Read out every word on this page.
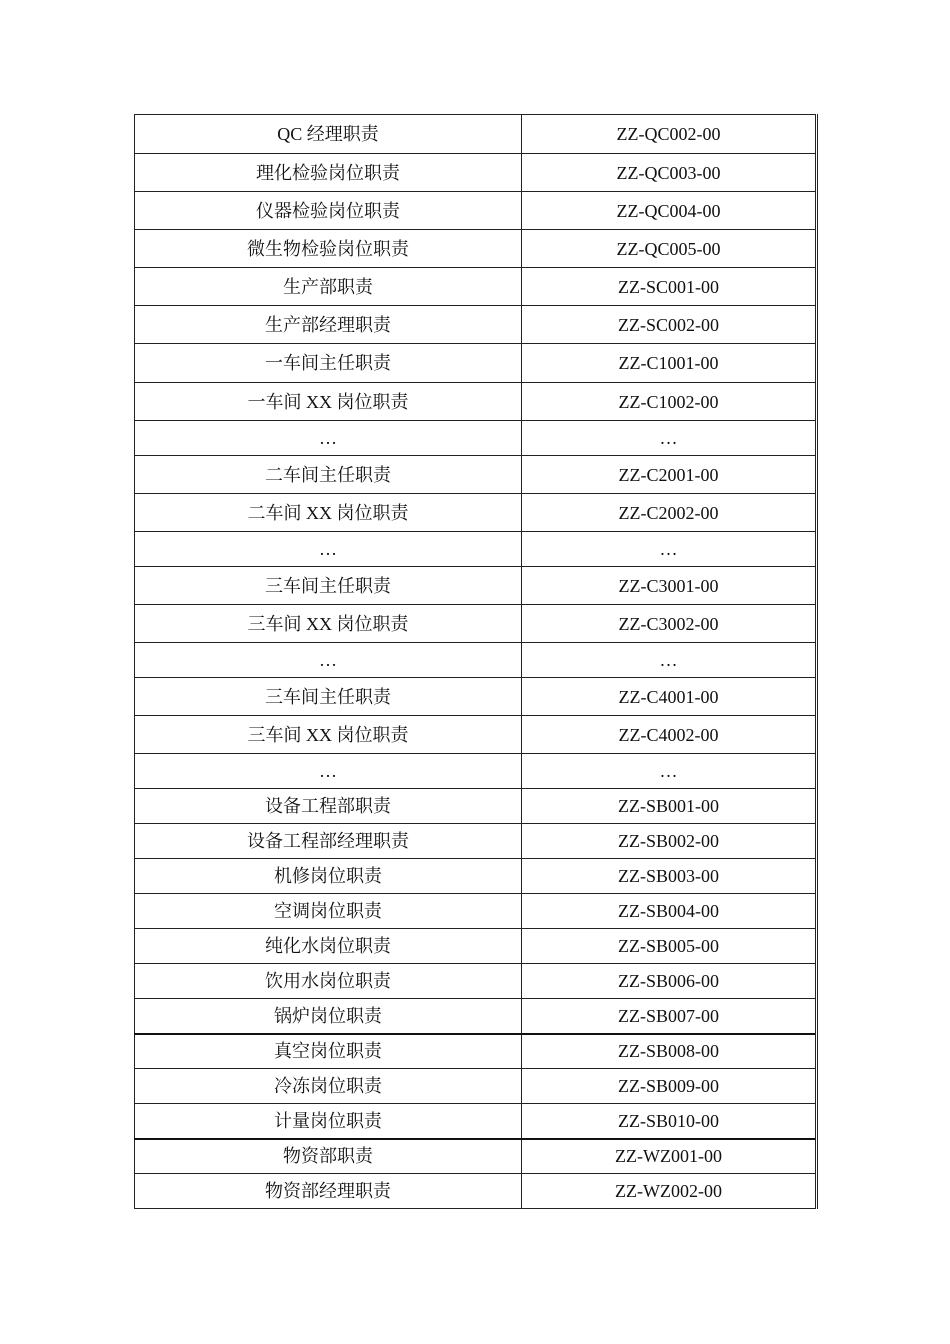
QC 经理职责	ZZ-QC002-00
理化检验岗位职责	ZZ-QC003-00
仪器检验岗位职责	ZZ-QC004-00
微生物检验岗位职责	ZZ-QC005-00
生产部职责	ZZ-SC001-00
生产部经理职责	ZZ-SC002-00
一车间主任职责	ZZ-C1001-00
一车间 XX 岗位职责	ZZ-C1002-00
…	…
二车间主任职责	ZZ-C2001-00
二车间 XX 岗位职责	ZZ-C2002-00
…	…
三车间主任职责	ZZ-C3001-00
三车间 XX 岗位职责	ZZ-C3002-00
…	…
三车间主任职责	ZZ-C4001-00
三车间 XX 岗位职责	ZZ-C4002-00
…	…
设备工程部职责	ZZ-SB001-00
设备工程部经理职责	ZZ-SB002-00
机修岗位职责	ZZ-SB003-00
空调岗位职责	ZZ-SB004-00
纯化水岗位职责	ZZ-SB005-00
饮用水岗位职责	ZZ-SB006-00
锅炉岗位职责	ZZ-SB007-00
真空岗位职责	ZZ-SB008-00
冷冻岗位职责	ZZ-SB009-00
计量岗位职责	ZZ-SB010-00
物资部职责	ZZ-WZ001-00
物资部经理职责	ZZ-WZ002-00
